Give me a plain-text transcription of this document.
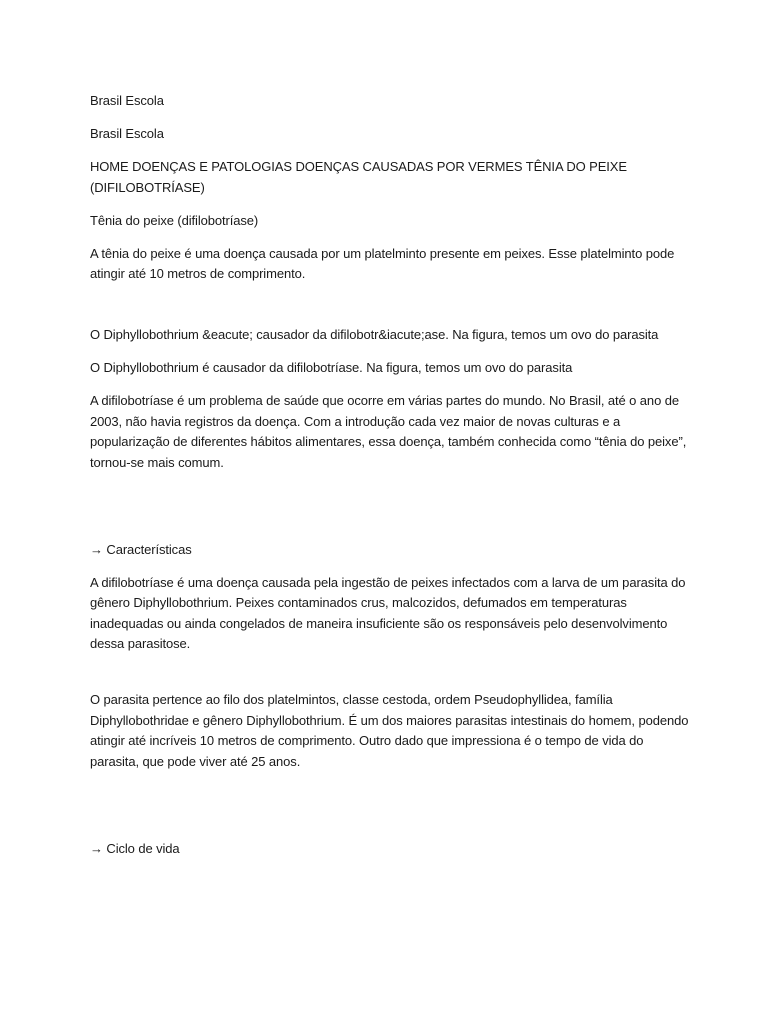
Brasil Escola

Brasil Escola

HOME DOENÇAS E PATOLOGIAS DOENÇAS CAUSADAS POR VERMES TÊNIA DO PEIXE (DIFILOBOTRÍASE)

Tênia do peixe (difilobotríase)

A tênia do peixe é uma doença causada por um platelminto presente em peixes. Esse platelminto pode atingir até 10 metros de comprimento.

O Diphyllobothrium &eacute; causador da difilobotr&iacute;ase. Na figura, temos um ovo do parasita

O Diphyllobothrium é causador da difilobotríase. Na figura, temos um ovo do parasita

A difilobotríase é um problema de saúde que ocorre em várias partes do mundo. No Brasil, até o ano de 2003, não havia registros da doença. Com a introdução cada vez maior de novas culturas e a popularização de diferentes hábitos alimentares, essa doença, também conhecida como “tênia do peixe”, tornou-se mais comum.

→ Características

A difilobotríase é uma doença causada pela ingestão de peixes infectados com a larva de um parasita do gênero Diphyllobothrium. Peixes contaminados crus, malcozidos, defumados em temperaturas inadequadas ou ainda congelados de maneira insuficiente são os responsáveis pelo desenvolvimento dessa parasitose.

O parasita pertence ao filo dos platelmintos, classe cestoda, ordem Pseudophyllidea, família Diphyllobothridae e gênero Diphyllobothrium. É um dos maiores parasitas intestinais do homem, podendo atingir até incríveis 10 metros de comprimento. Outro dado que impressiona é o tempo de vida do parasita, que pode viver até 25 anos.

→ Ciclo de vida
